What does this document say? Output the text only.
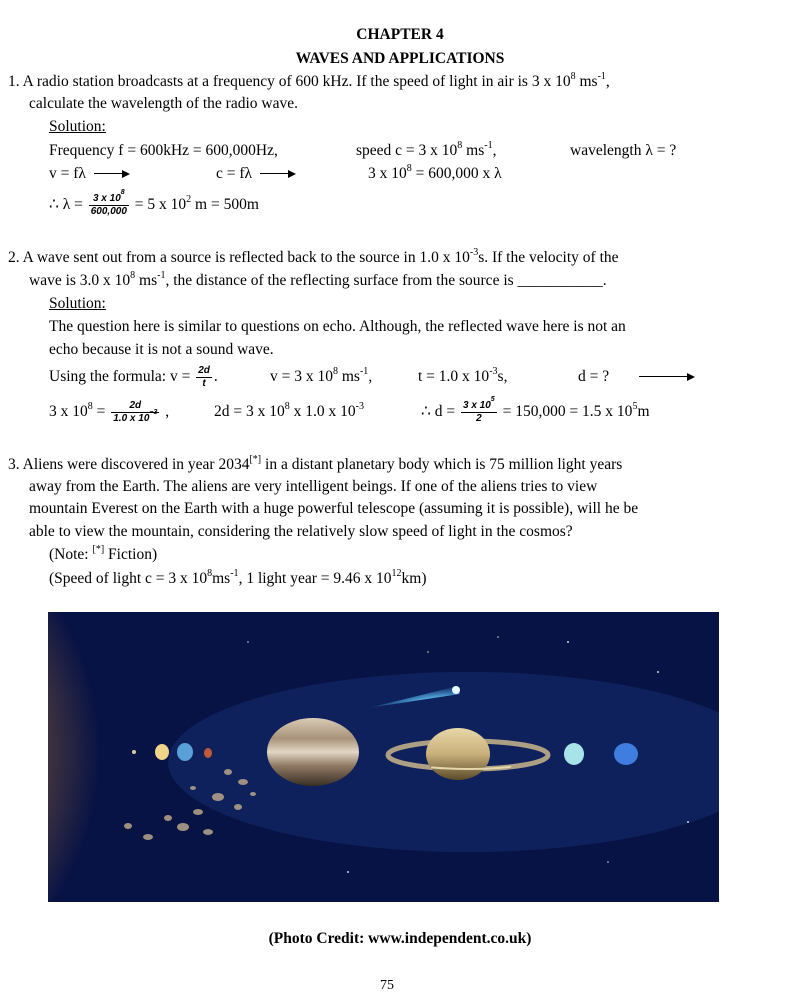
CHAPTER 4
WAVES AND APPLICATIONS
1. A radio station broadcasts at a frequency of 600 kHz. If the speed of light in air is 3 x $10^8$ $ms^{-1}$,
calculate the wavelength of the radio wave.
Solution:
Frequency f = 600kHz = 600,000Hz,	speed c = 3 x $10^8$ $ms^{-1}$,	wavelength λ = ?
v = fλ	c = fλ	3 x $10^8 = 600,000$ x λ
∴ $\lambda = \frac{3 x 10^8}{600,000} = 5$ x $10^2$ m = 500m
2. A wave sent out from a source is reflected back to the source in 1.0 x $10^{-3}s$. If the velocity of the
wave is 3.0 x $10^8$ $ms^{-1}$, the distance of the reflecting surface from the source is ___________.
Solution:
The question here is similar to questions on echo. Although, the reflected wave here is not an
echo because it is not a sound wave.
Using the formula: $v = \frac{2d}{t}$ .	v = 3 x $10^8$ $ms^{-1}$,	t = 1.0 x $10^{-3}s$,	d = ?
3 x $10^8 = \frac{2d}{1.0 x 10^{-3}}$ ,	2d = 3 x $10^8$ x 1.0 x $10^{-3}$	∴ $d = \frac{3 x 10^5}{2} = 150,000 = 1.5$ x $10^5m$
3. Aliens were discovered in year 2034[*] in a distant planetary body which is 75 million light years
away from the Earth. The aliens are very intelligent beings. If one of the aliens tries to view
mountain Everest on the Earth with a huge powerful telescope (assuming it is possible), will he be
able to view the mountain, considering the relatively slow speed of light in the cosmos?
(Note: [*] Fiction)
(Speed of light c = 3 x $10^8ms^{-1}$, 1 light year = 9.46 x $10^{12}km$)
(Photo Credit: www.independent.co.uk)
75
